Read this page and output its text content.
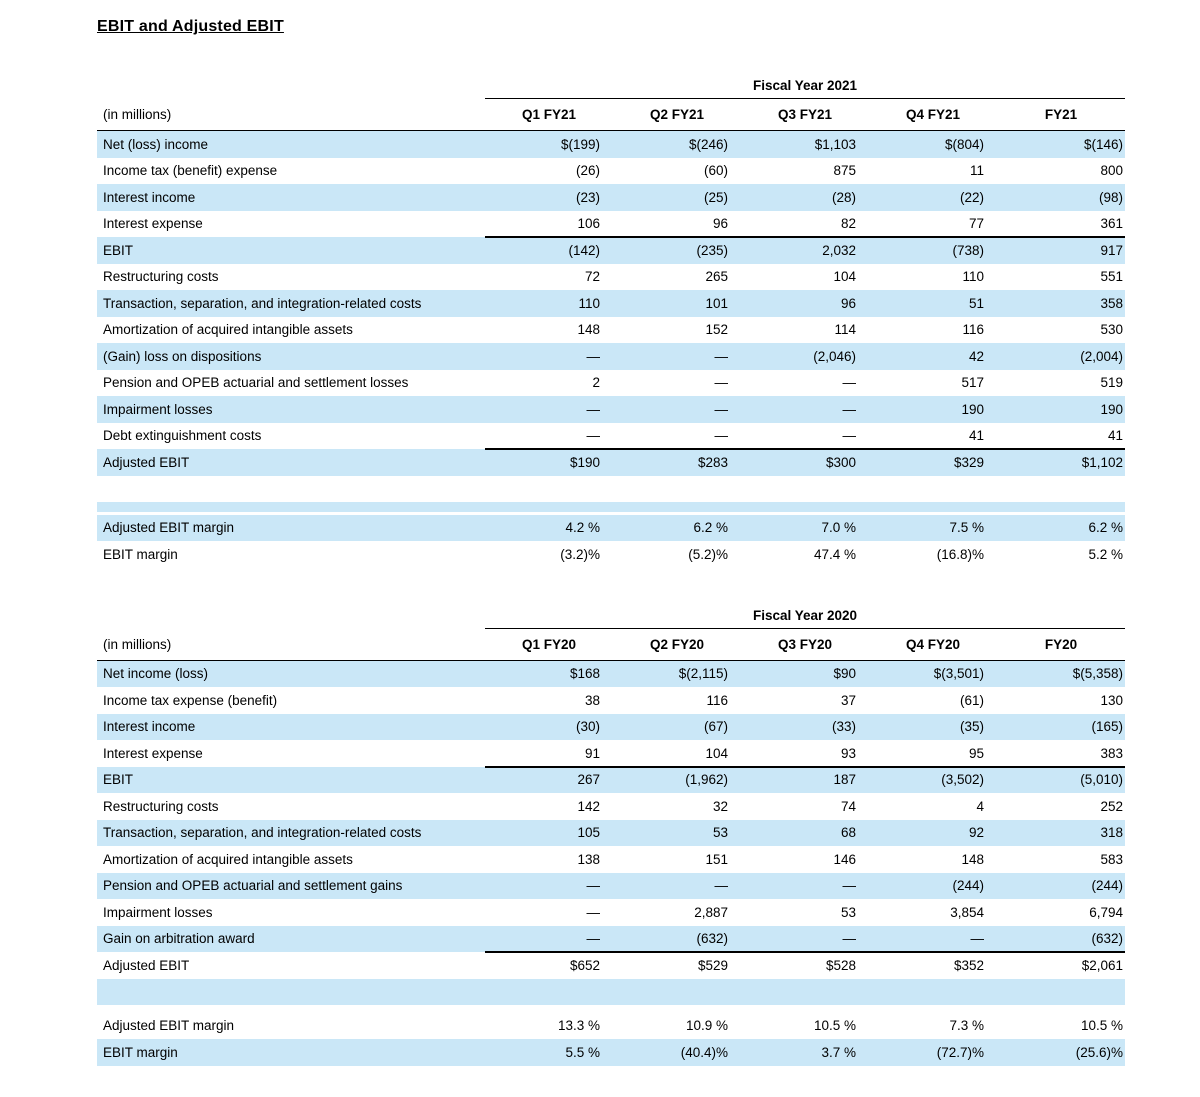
EBIT and Adjusted EBIT
Fiscal Year 2021
(in millions)	Q1 FY21	Q2 FY21	Q3 FY21	Q4 FY21	FY21
Net (loss) income	$(199)	$(246)	$1,103	$(804)	$(146)
Income tax (benefit) expense	(26)	(60)	875	11	800
Interest income	(23)	(25)	(28)	(22)	(98)
Interest expense	106	96	82	77	361
EBIT	(142)	(235)	2,032	(738)	917
Restructuring costs	72	265	104	110	551
Transaction, separation, and integration-related costs	110	101	96	51	358
Amortization of acquired intangible assets	148	152	114	116	530
(Gain) loss on dispositions	—	—	(2,046)	42	(2,004)
Pension and OPEB actuarial and settlement losses	2	—	—	517	519
Impairment losses	—	—	—	190	190
Debt extinguishment costs	—	—	—	41	41
Adjusted EBIT	$190	$283	$300	$329	$1,102
Adjusted EBIT margin	4.2 %	6.2 %	7.0 %	7.5 %	6.2 %
EBIT margin	(3.2)%	(5.2)%	47.4 %	(16.8)%	5.2 %
Fiscal Year 2020
(in millions)	Q1 FY20	Q2 FY20	Q3 FY20	Q4 FY20	FY20
Net income (loss)	$168	$(2,115)	$90	$(3,501)	$(5,358)
Income tax expense (benefit)	38	116	37	(61)	130
Interest income	(30)	(67)	(33)	(35)	(165)
Interest expense	91	104	93	95	383
EBIT	267	(1,962)	187	(3,502)	(5,010)
Restructuring costs	142	32	74	4	252
Transaction, separation, and integration-related costs	105	53	68	92	318
Amortization of acquired intangible assets	138	151	146	148	583
Pension and OPEB actuarial and settlement gains	—	—	—	(244)	(244)
Impairment losses	—	2,887	53	3,854	6,794
Gain on arbitration award	—	(632)	—	—	(632)
Adjusted EBIT	$652	$529	$528	$352	$2,061
Adjusted EBIT margin	13.3 %	10.9 %	10.5 %	7.3 %	10.5 %
EBIT margin	5.5 %	(40.4)%	3.7 %	(72.7)%	(25.6)%
